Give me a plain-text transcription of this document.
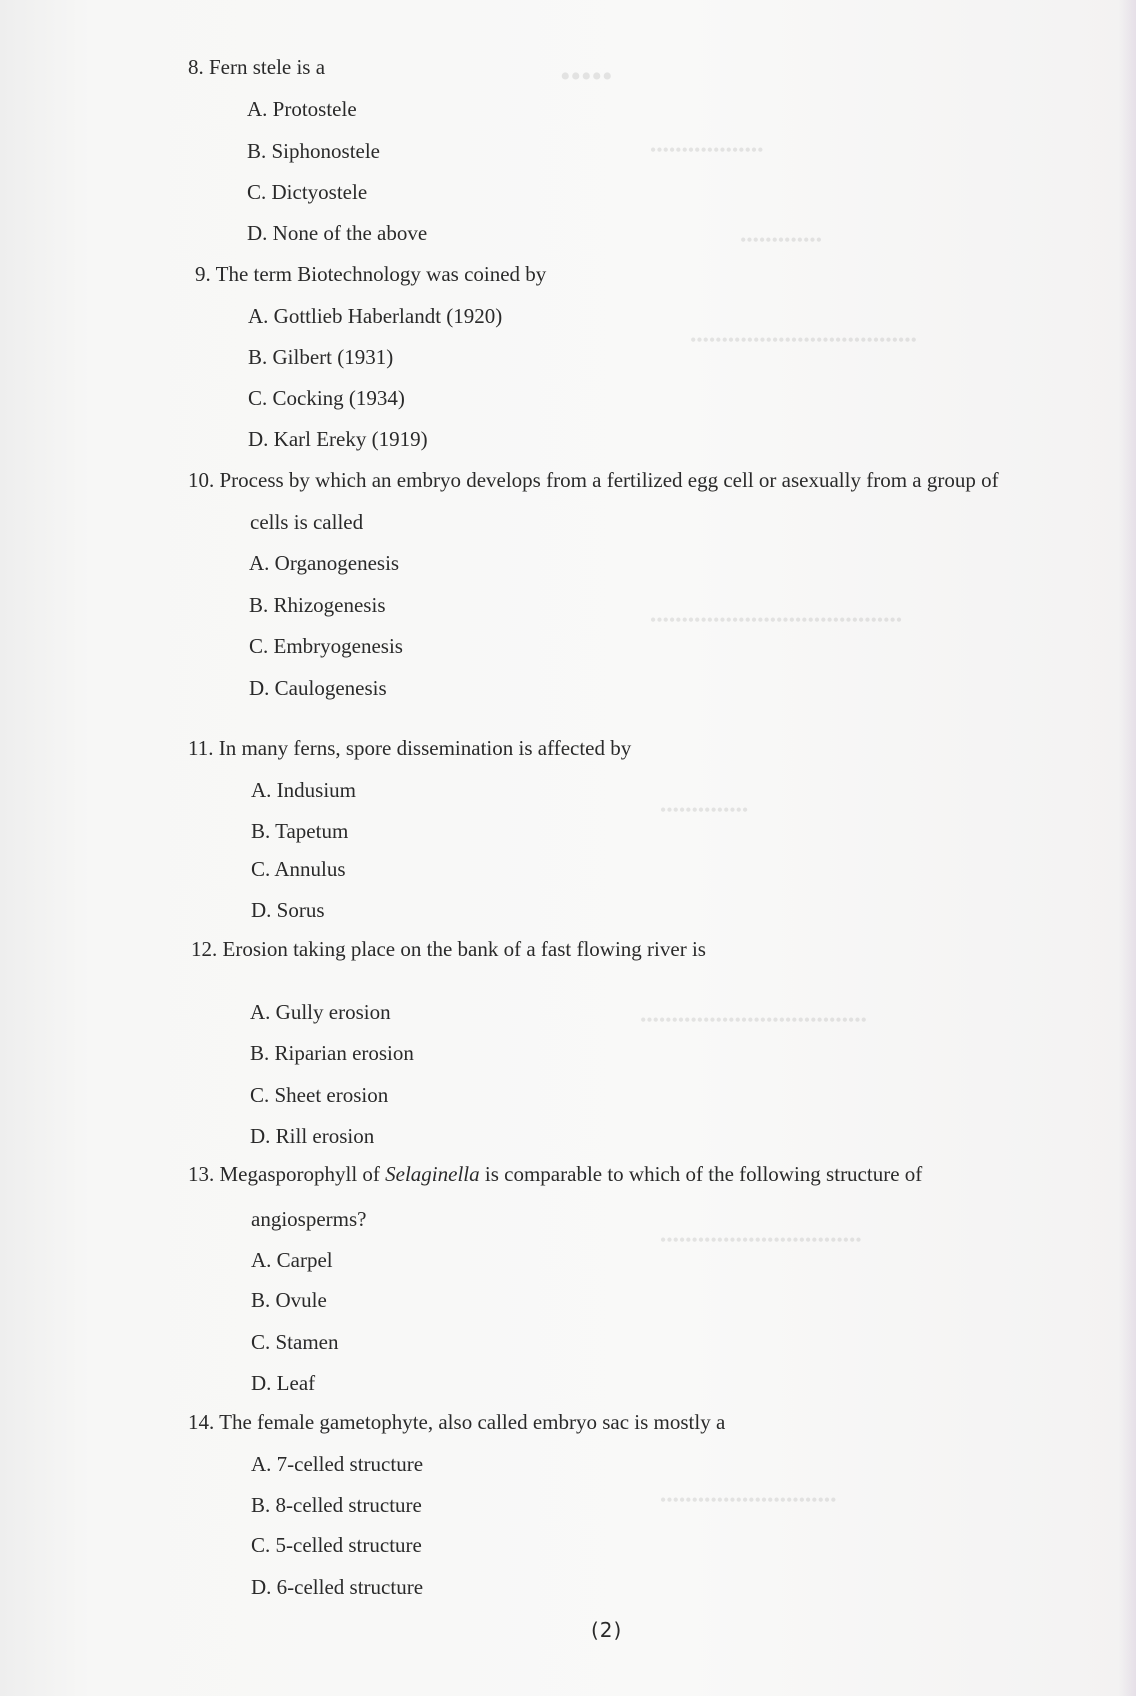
•••••
••••••••••••••••••
•••••••••••••
••••••••••••••••••••••••••••••••••••
••••••••••••••••••••••••••••••••••••••••
••••••••••••••
••••••••••••••••••••••••••••••••••••
••••••••••••••••••••••••••••••••
••••••••••••••••••••••••••••
8. Fern stele is a
A. Protostele
B. Siphonostele
C. Dictyostele
D. None of the above
9. The term Biotechnology was coined by
A. Gottlieb Haberlandt (1920)
B. Gilbert (1931)
C. Cocking (1934)
D. Karl Ereky (1919)
10. Process by which an embryo develops from a fertilized egg cell or asexually from a group of
cells is called
A. Organogenesis
B. Rhizogenesis
C. Embryogenesis
D. Caulogenesis
11. In many ferns, spore dissemination is affected by
A. Indusium
B. Tapetum
C. Annulus
D. Sorus
12. Erosion taking place on the bank of a fast flowing river is
A. Gully erosion
B. Riparian erosion
C. Sheet erosion
D. Rill erosion
13. Megasporophyll of Selaginella is comparable to which of the following structure of
angiosperms?
A. Carpel
B. Ovule
C. Stamen
D. Leaf
14. The female gametophyte, also called embryo sac is mostly a
A. 7-celled structure
B. 8-celled structure
C. 5-celled structure
D. 6-celled structure
(2)
